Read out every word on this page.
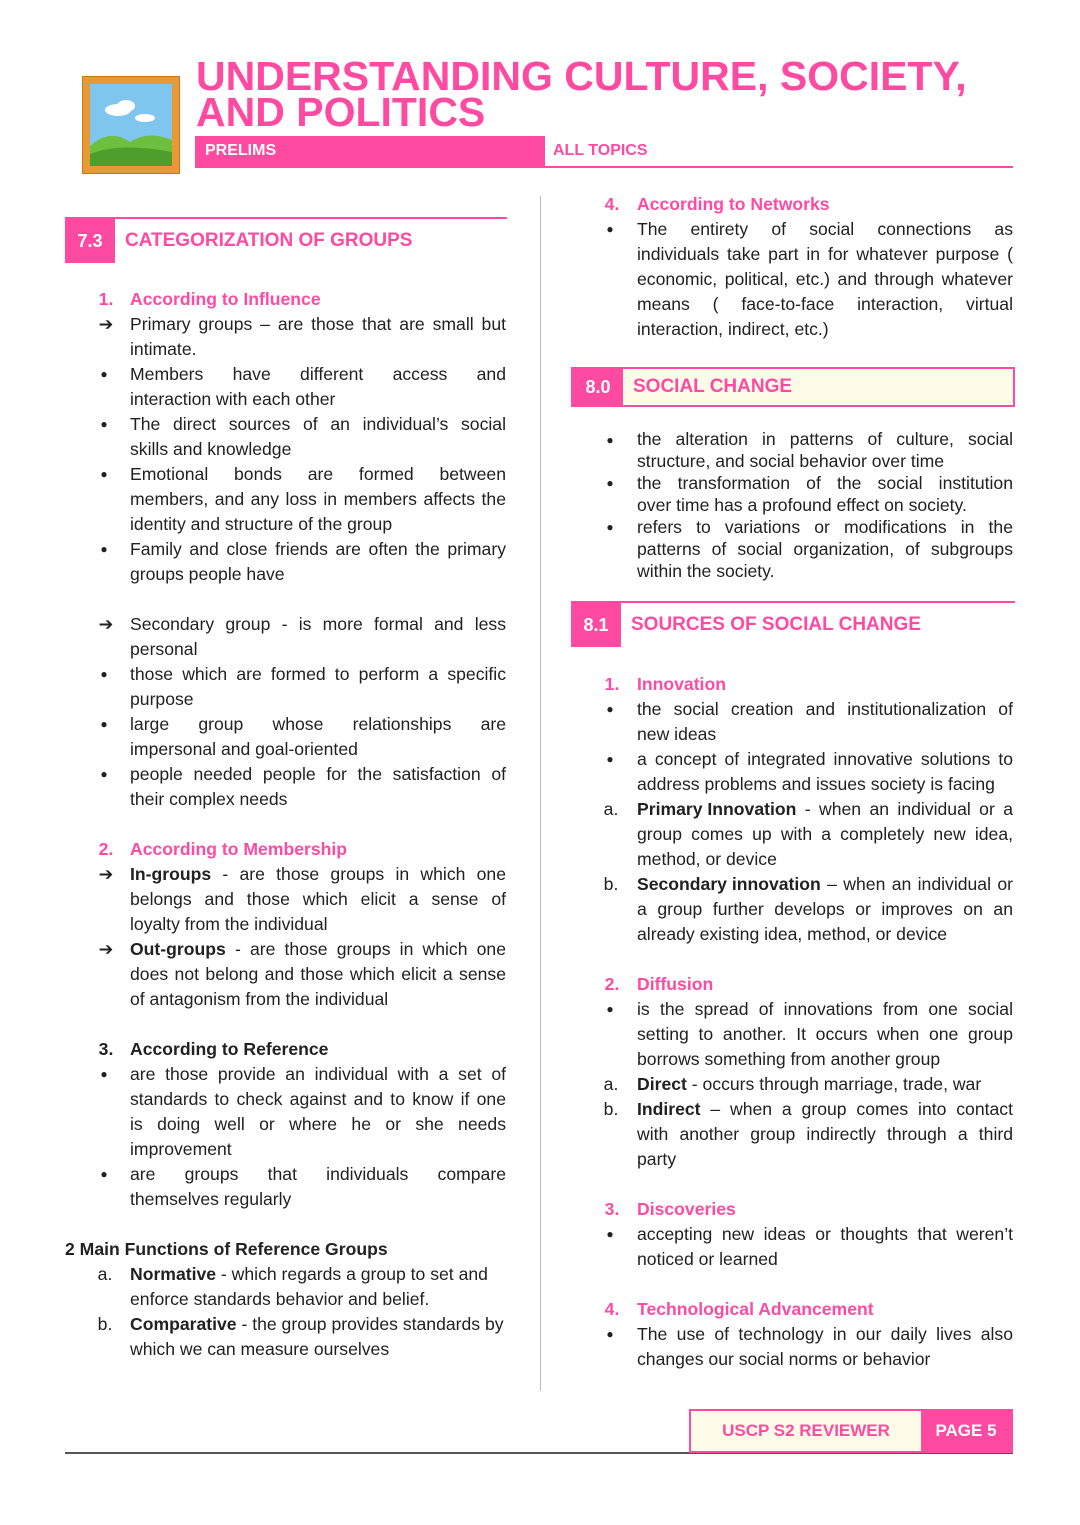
UNDERSTANDING CULTURE, SOCIETY,
AND POLITICS
PRELIMS	ALL TOPICS
7.3	CATEGORIZATION OF GROUPS
1. According to Influence
➔ Primary groups – are those that are small but
intimate.
●	Members have different access and
interaction with each other
●	The direct sources of an individual’s social
skills and knowledge
●	Emotional bonds are formed between
members, and any loss in members affects the
identity and structure of the group
●	Family and close friends are often the primary
groups people have
➔ Secondary group - is more formal and less
personal
●	those which are formed to perform a specific
purpose
●	large group whose relationships are
impersonal and goal-oriented
●	people needed people for the satisfaction of
their complex needs
2. According to Membership
➔ In-groups - are those groups in which one
belongs and those which elicit a sense of
loyalty from the individual
➔ Out-groups - are those groups in which one
does not belong and those which elicit a sense
of antagonism from the individual
3. According to Reference
●	are those provide an individual with a set of
standards to check against and to know if one
is doing well or where he or she needs
improvement
●	are groups that individuals compare
themselves regularly
2 Main Functions of Reference Groups
a. Normative - which regards a group to set and
enforce standards behavior and belief.
b. Comparative - the group provides standards by
which we can measure ourselves
4. According to Networks
●	The entirety of social connections as
individuals take part in for whatever purpose (
economic, political, etc.) and through whatever
means ( face-to-face interaction, virtual
interaction, indirect, etc.)
8.0	SOCIAL CHANGE
●	the alteration in patterns of culture, social
structure, and social behavior over time
●	the transformation of the social institution
over time has a profound effect on society.
●	refers to variations or modifications in the
patterns of social organization, of subgroups
within the society.
8.1	SOURCES OF SOCIAL CHANGE
1. Innovation
●	the social creation and institutionalization of
new ideas
●	a concept of integrated innovative solutions to
address problems and issues society is facing
a. Primary Innovation - when an individual or a
group comes up with a completely new idea,
method, or device
b. Secondary innovation – when an individual or
a group further develops or improves on an
already existing idea, method, or device
2. Diffusion
●	is the spread of innovations from one social
setting to another. It occurs when one group
borrows something from another group
a. Direct - occurs through marriage, trade, war
b. Indirect – when a group comes into contact
with another group indirectly through a third
party
3. Discoveries
●	accepting new ideas or thoughts that weren’t
noticed or learned
4. Technological Advancement
●	The use of technology in our daily lives also
changes our social norms or behavior
USCP S2 REVIEWER	PAGE 5
